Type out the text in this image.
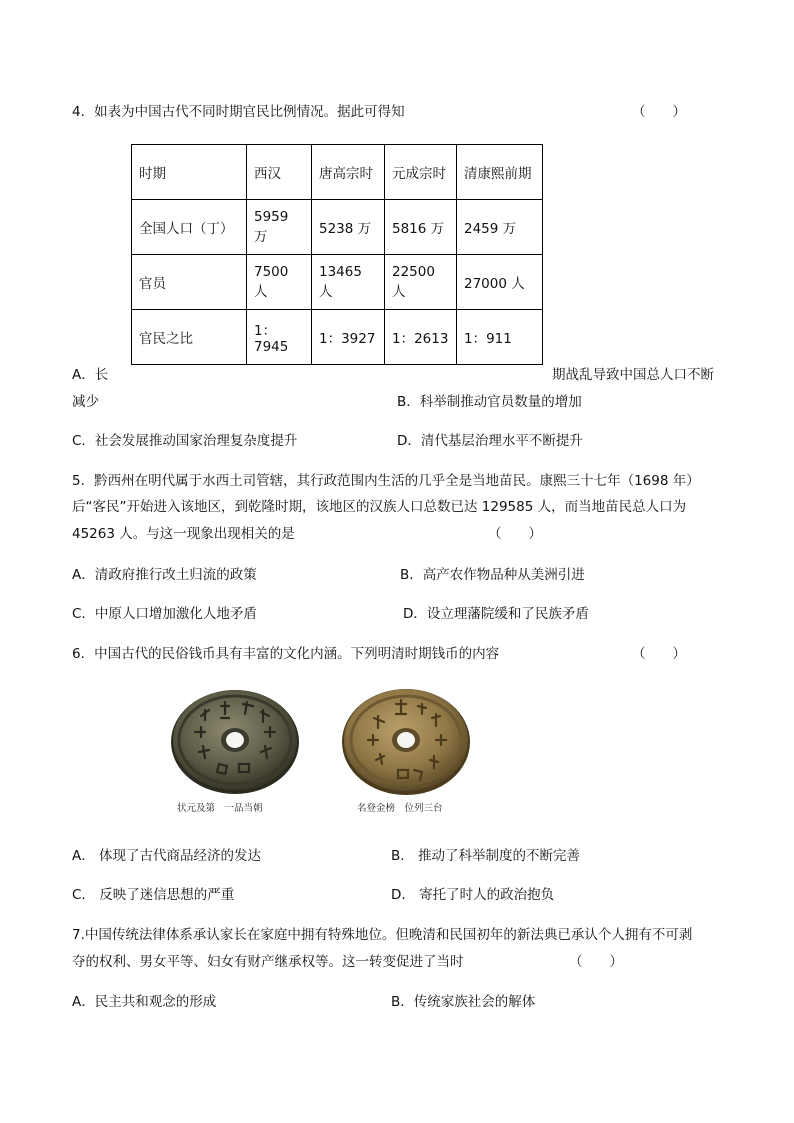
4．如表为中国古代不同时期官民比例情况。据此可得知	（　　）
时期	西汉	唐高宗时	元成宗时	清康熙前期
全国人口（丁）	5959 万	5238 万	5816 万	2459 万
官员	7500 人	13465 人	22500 人	27000 人
官民之比	1：7945	1：3927	1：2613	1：911
A．长	期战乱导致中国总人口不断
减少	B．科举制推动官员数量的增加
C．社会发展推动国家治理复杂度提升	D．清代基层治理水平不断提升
5．黔西州在明代属于水西土司管辖，其行政范围内生活的几乎全是当地苗民。康熙三十七年（1698 年）
后“客民”开始进入该地区，到乾隆时期，该地区的汉族人口总数已达 129585 人，而当地苗民总人口为
45263 人。与这一现象出现相关的是	（　　）
A．清政府推行改土归流的政策	B．高产农作物品种从美洲引进
C．中原人口增加激化人地矛盾	D．设立理藩院缓和了民族矛盾
6．中国古代的民俗钱币具有丰富的文化内涵。下列明清时期钱币的内容	（　　）
状元及第　一品当朝	名登金榜　位列三台
A． 体现了古代商品经济的发达	B． 推动了科举制度的不断完善
C． 反映了迷信思想的严重	D． 寄托了时人的政治抱负
7.中国传统法律体系承认家长在家庭中拥有特殊地位。但晚清和民国初年的新法典已承认个人拥有不可剥
夺的权利、男女平等、妇女有财产继承权等。这一转变促进了当时	（　　）
A．民主共和观念的形成	B．传统家族社会的解体
